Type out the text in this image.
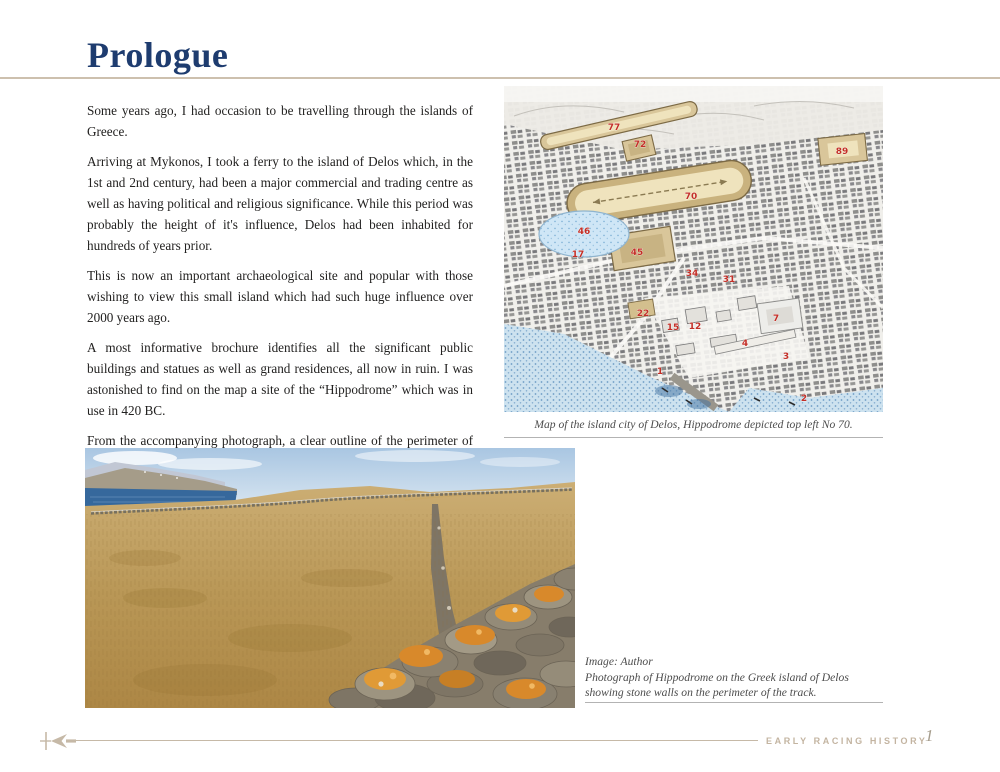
Prologue

Some years ago, I had occasion to be travelling through the islands of Greece.

Arriving at Mykonos, I took a ferry to the island of Delos which, in the 1st and 2nd century, had been a major commercial and trading centre as well as having political and religious significance. While this period was probably the height of it's influence, Delos had been inhabited for hundreds of years prior.

This is now an important archaeological site and popular with those wishing to view this small island which had such huge influence over 2000 years ago.

A most informative brochure identifies all the significant public buildings and statues as well as grand residences, all now in ruin. I was astonished to find on the map a site of the “Hippodrome” which was in use in 420 BC.

From the accompanying photograph, a clear outline of the perimeter of

77
72
70
89
46
17	45
34
31
22
15 12
7
4
3
1
2
Map of the island city of Delos, Hippodrome depicted top left No 70.
Image: Author
Photograph of Hippodrome on the Greek island of Delos
showing stone walls on the perimeter of the track.
EARLY RACING HISTORY
1
